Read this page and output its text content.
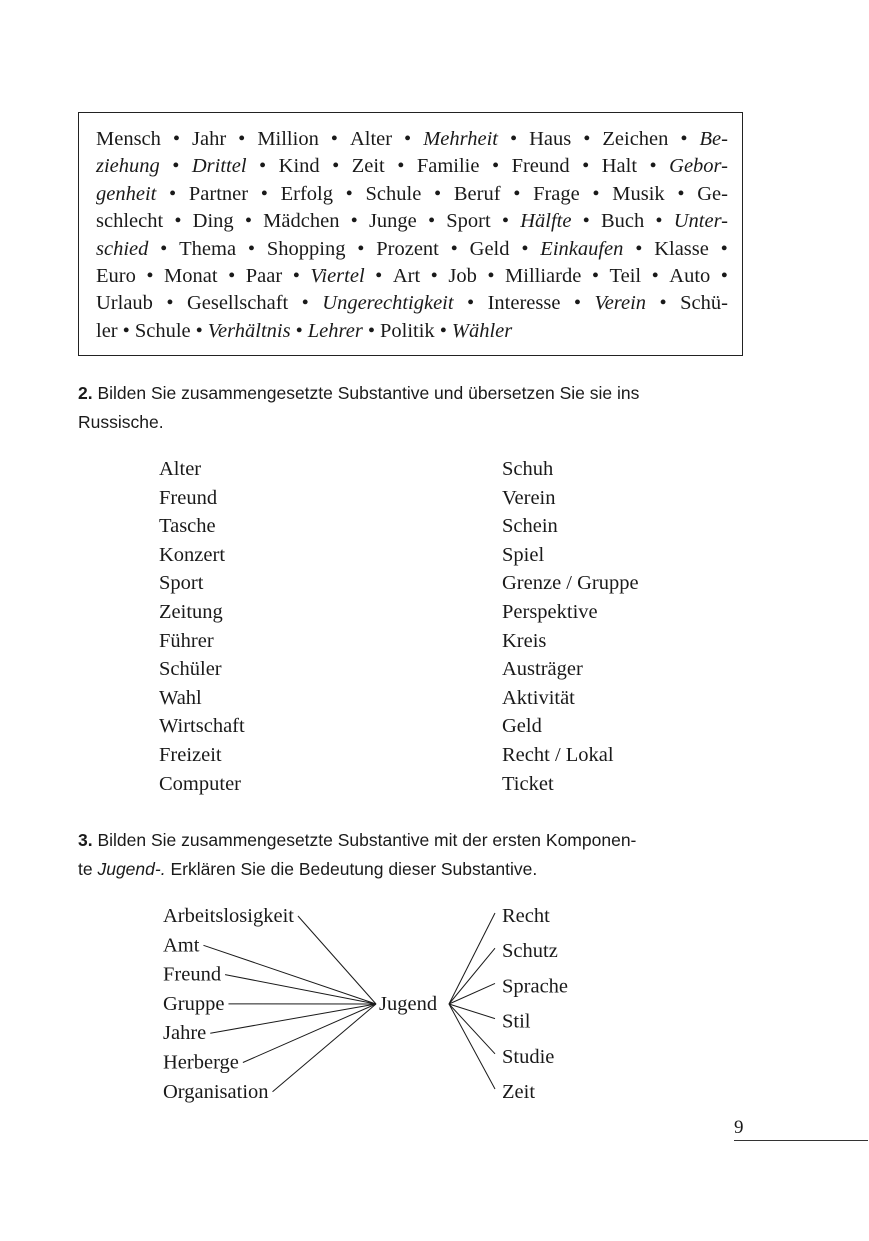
Mensch • Jahr • Million • Alter • Mehrheit • Haus • Zeichen • Be-
ziehung • Drittel • Kind • Zeit • Familie • Freund • Halt • Gebor-
genheit • Partner • Erfolg • Schule • Beruf • Frage • Musik • Ge-
schlecht • Ding • Mädchen • Junge • Sport • Hälfte • Buch • Unter-
schied • Thema • Shopping • Prozent • Geld • Einkaufen • Klasse •
Euro • Monat • Paar • Viertel • Art • Job • Milliarde • Teil • Auto •
Urlaub • Gesellschaft • Ungerechtigkeit • Interesse • Verein • Schü-
ler • Schule • Verhältnis • Lehrer • Politik • Wähler
2. Bilden Sie zusammengesetzte Substantive und übersetzen Sie sie ins
Russische.
Alter
Freund
Tasche
Konzert
Sport
Zeitung
Führer
Schüler
Wahl
Wirtschaft
Freizeit
Computer
Schuh
Verein
Schein
Spiel
Grenze / Gruppe
Perspektive
Kreis
Austräger
Aktivität
Geld
Recht / Lokal
Ticket
3. Bilden Sie zusammengesetzte Substantive mit der ersten Komponen-
te Jugend-. Erklären Sie die Bedeutung dieser Substantive.
Jugend
Arbeitslosigkeit
Amt
Freund
Gruppe
Jahre
Herberge
Organisation
Recht
Schutz
Sprache
Stil
Studie
Zeit
9
